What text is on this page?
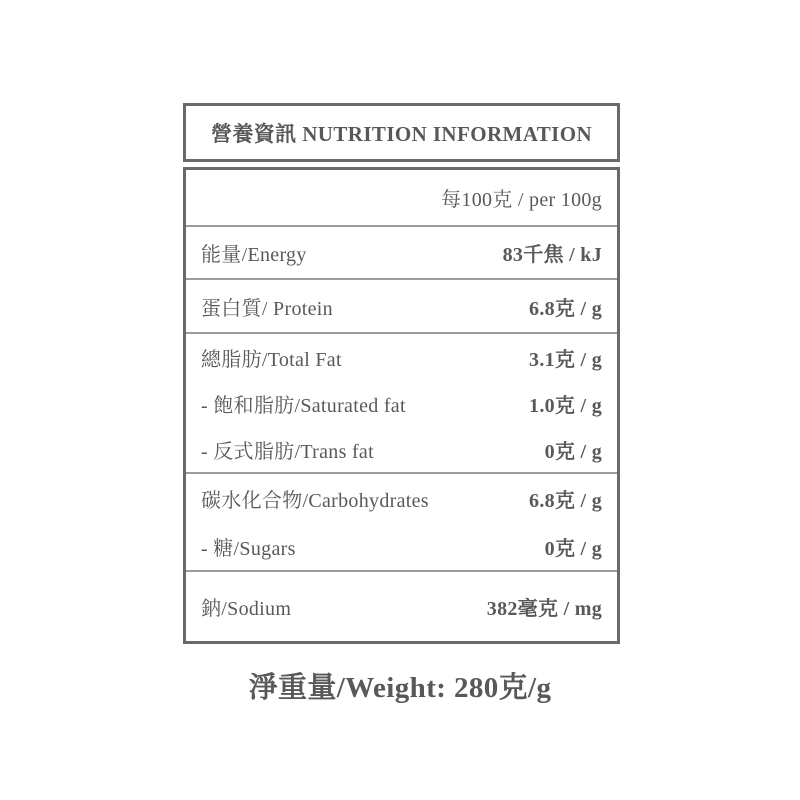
營養資訊 NUTRITION INFORMATION
每100克 / per 100g
能量/Energy	83千焦 / kJ
蛋白質/ Protein	6.8克 / g
總脂肪/Total Fat	3.1克 / g
- 飽和脂肪/Saturated fat	1.0克 / g
- 反式脂肪/Trans fat	0克 / g
碳水化合物/Carbohydrates	6.8克 / g
- 糖/Sugars	0克 / g
鈉/Sodium	382毫克 / mg
淨重量/Weight: 280克/g
